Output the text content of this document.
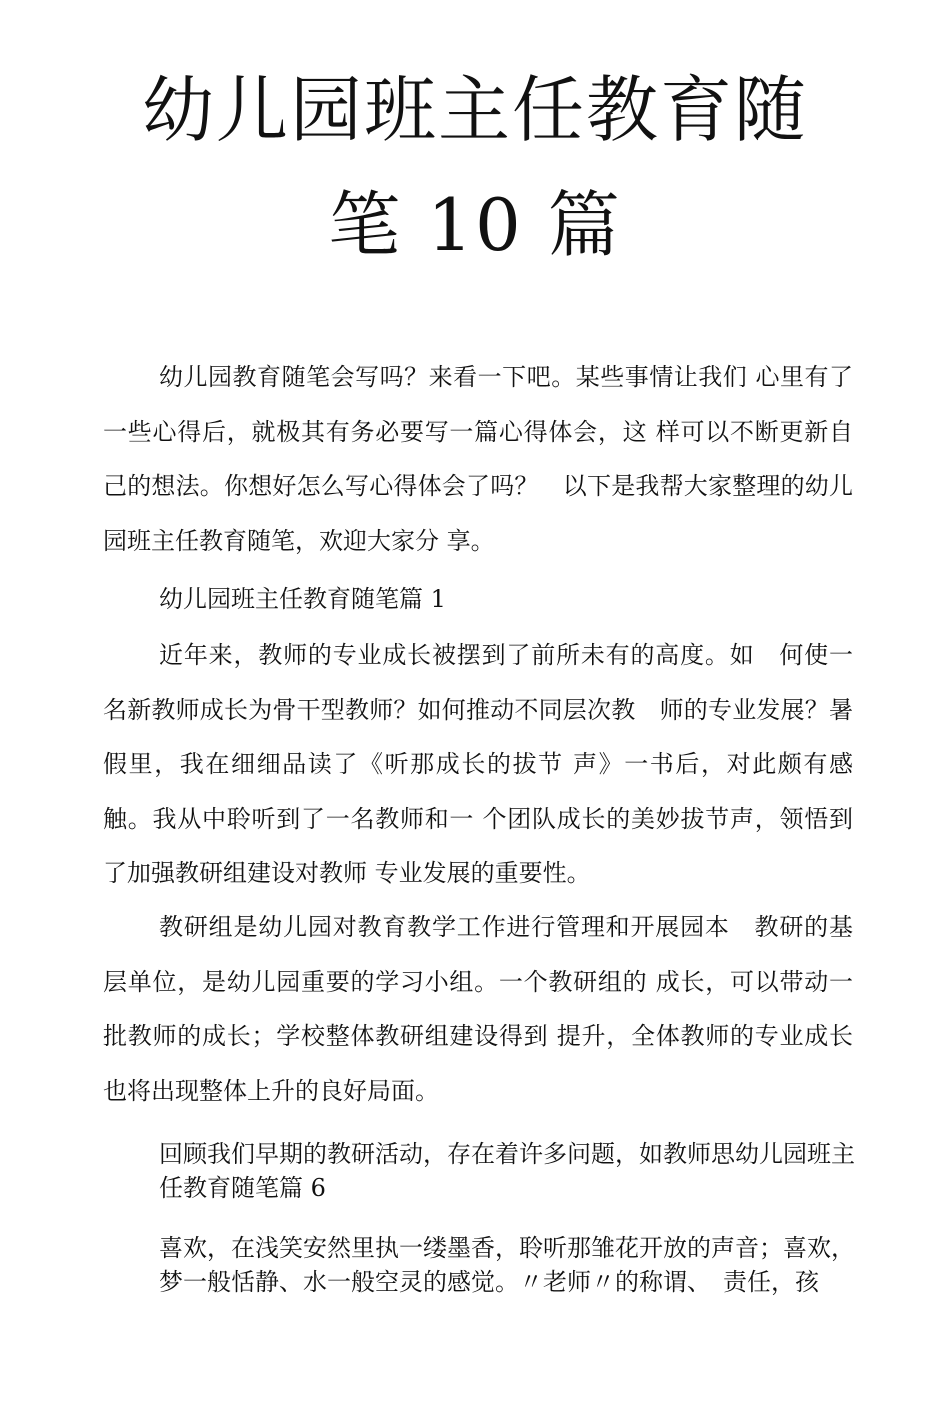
幼儿园班主任教育随
笔 10 篇

幼儿园教育随笔会写吗？来看一下吧。某些事情让我们 心里有了一些心得后，就极其有务必要写一篇心得体会，这 样可以不断更新自己的想法。你想好怎么写心得体会了吗？　以下是我帮大家整理的幼儿园班主任教育随笔，欢迎大家分 享。

幼儿园班主任教育随笔篇 1

近年来，教师的专业成长被摆到了前所未有的高度。如　何使一名新教师成长为骨干型教师？如何推动不同层次教　师的专业发展？暑假里，我在细细品读了《听那成长的拔节 声》一书后，对此颇有感触。我从中聆听到了一名教师和一 个团队成长的美妙拔节声，领悟到了加强教研组建设对教师 专业发展的重要性。

教研组是幼儿园对教育教学工作进行管理和开展园本　教研的基层单位，是幼儿园重要的学习小组。一个教研组的 成长，可以带动一批教师的成长；学校整体教研组建设得到 提升，全体教师的专业成长也将出现整体上升的良好局面。

回顾我们早期的教研活动，存在着许多问题，如教师思幼儿园班主任教育随笔篇 6

喜欢，在浅笑安然里执一缕墨香，聆听那雏花开放的声音；喜欢，梦一般恬静、水一般空灵的感觉。〃老师〃的称谓、　责任，孩
